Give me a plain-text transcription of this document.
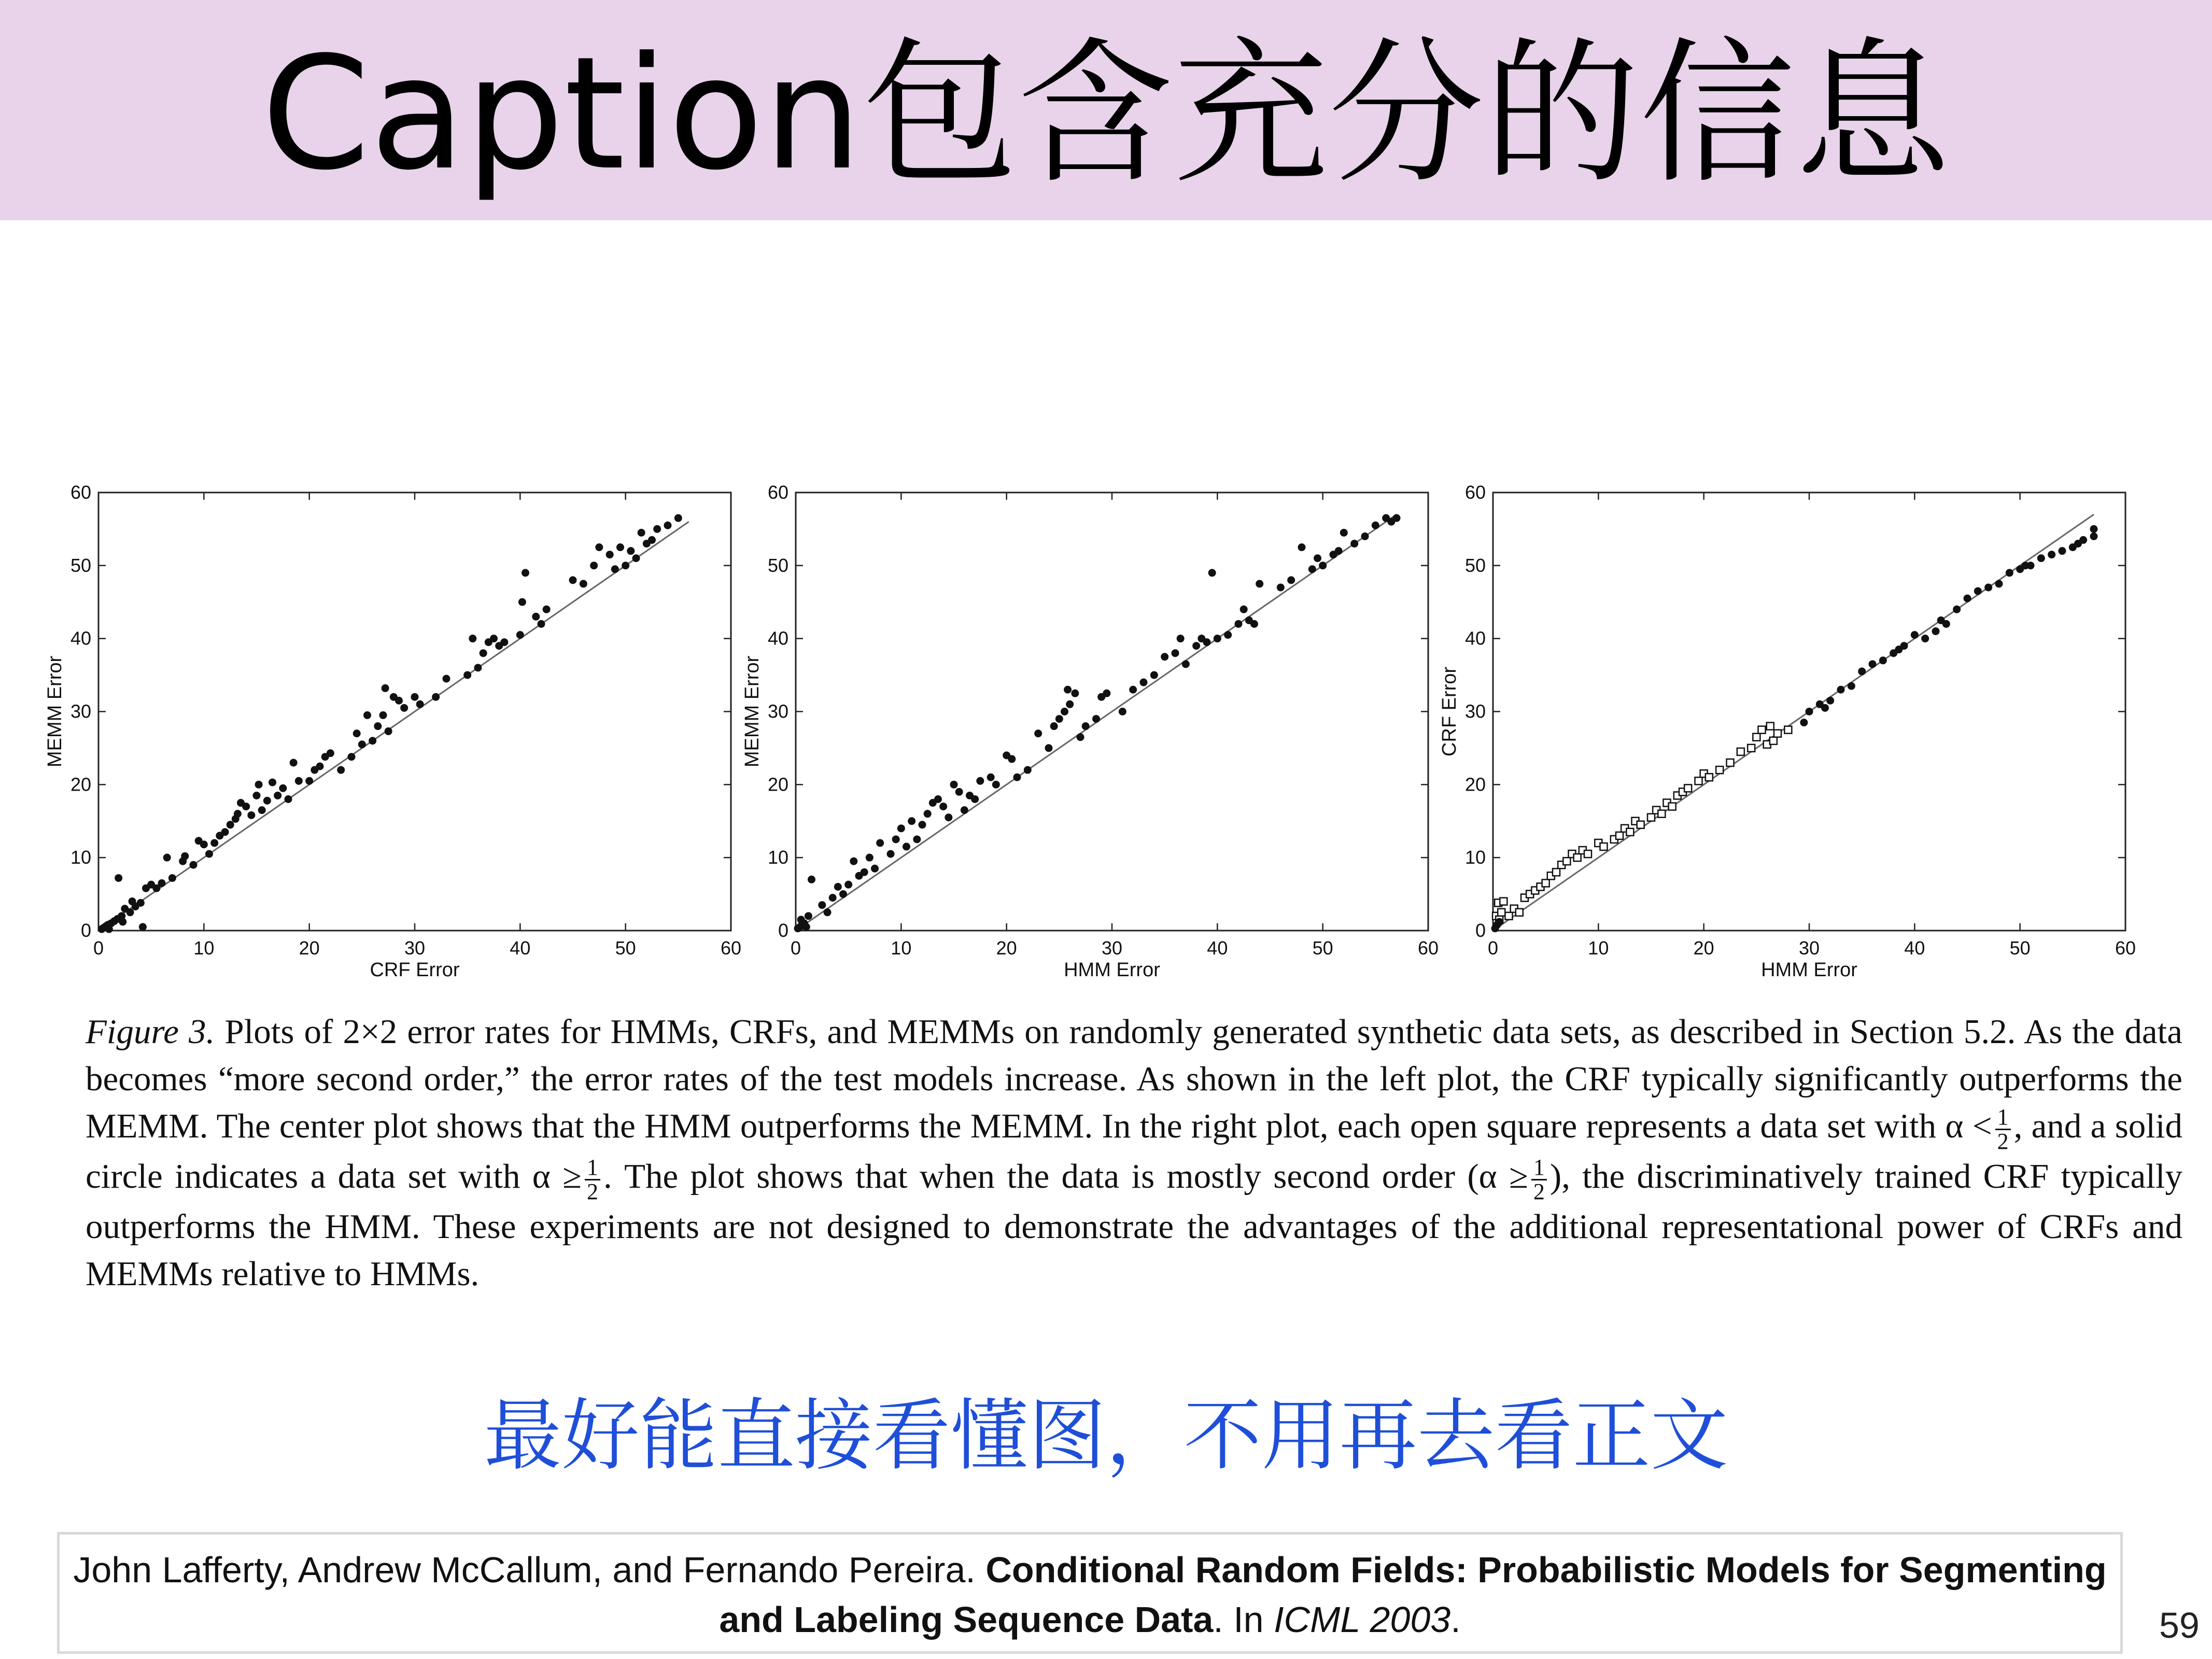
Caption包含充分的信息
0	10	20	30	40	50	60
0
10
20
30
40
50
60
CRF Error
MEMM Error
0	10	20	30	40	50	60
0
10
20
30
40
50
60
HMM Error
MEMM Error
0	10	20	30	40	50	60
0
10
20
30
40
50
60
HMM Error
CRF Error
Figure 3. Plots of 2×2 error rates for HMMs, CRFs, and MEMMs on randomly generated synthetic data sets, as described in Section 5.2. As the data becomes “more second order,” the error rates of the test models increase. As shown in the left plot, the CRF typically significantly outperforms the MEMM. The center plot shows that the HMM outperforms the MEMM. In the right plot, each open square represents a data set with $\alpha < \frac{1}{2}$ , and a solid circle indicates a data set with $\alpha \ge \frac{1}{2}$ . The plot shows that when the data is mostly second order ($\alpha \ge \frac{1}{2}$ ), the discriminatively trained CRF typically outperforms the HMM. These experiments are not designed to demonstrate the advantages of the additional representational power of CRFs and MEMMs relative to HMMs.
最好能直接看懂图，不用再去看正文
John Lafferty, Andrew McCallum, and Fernando Pereira. Conditional Random Fields: Probabilistic Models for Segmenting and Labeling Sequence Data. In ICML 2003.	59
